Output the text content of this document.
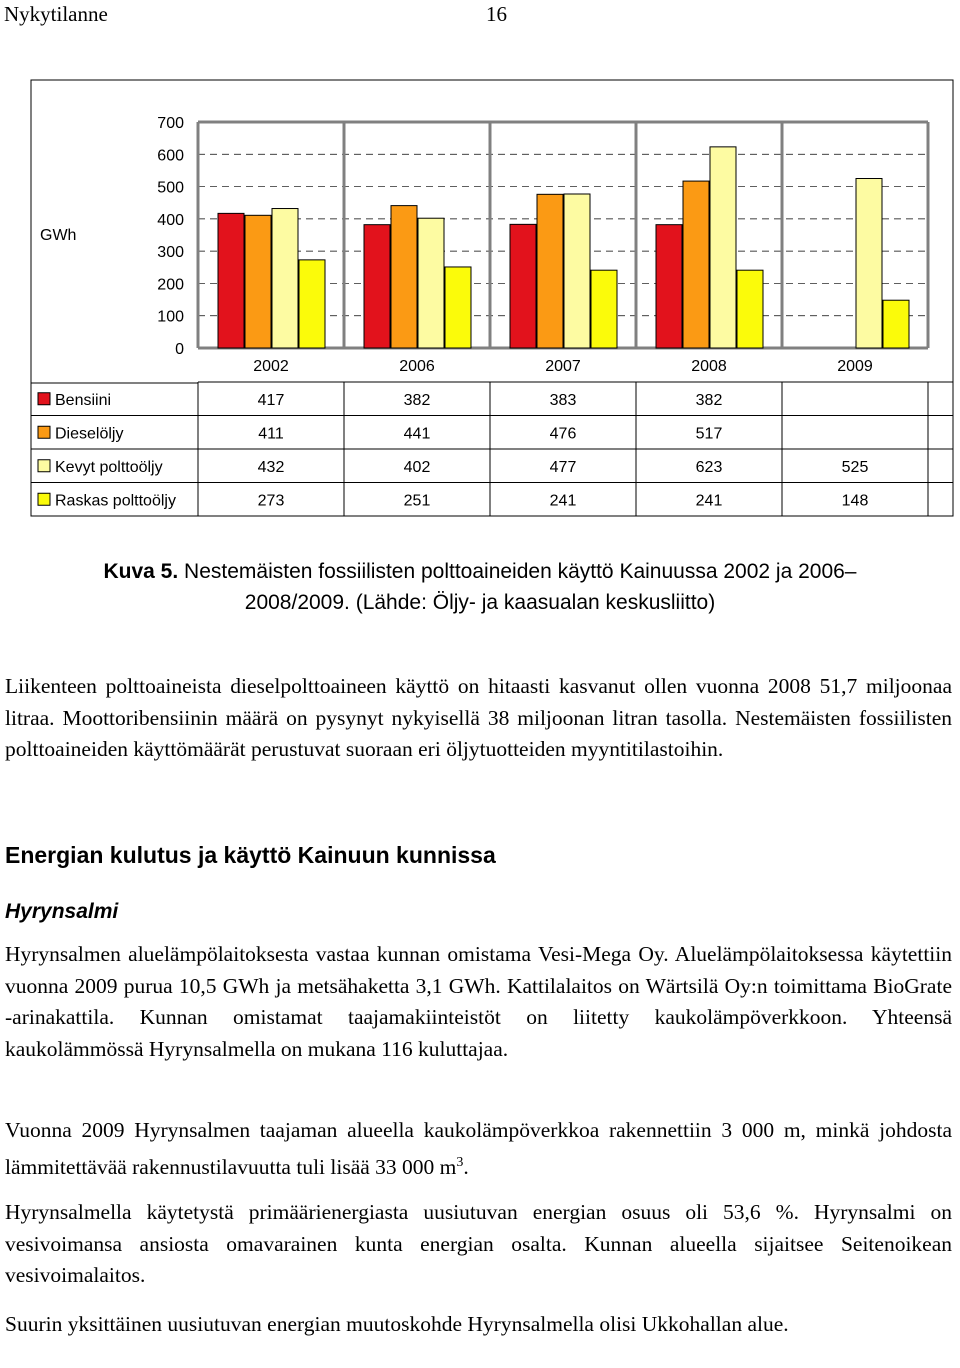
Nykytilanne	16
0
100
200
300
400
500
600
700
GWh
2002	2006	2007	2008	2009
Bensiini	417	382	383	382
Dieselöljy	411	441	476	517
Kevyt polttoöljy	432	402	477	623	525
Raskas polttoöljy	273	251	241	241	148
Kuva 5. Nestemäisten fossiilisten polttoaineiden käyttö Kainuussa 2002 ja 2006–
2008/2009. (Lähde: Öljy- ja kaasualan keskusliitto)
Liikenteen polttoaineista dieselpolttoaineen käyttö on hitaasti kasvanut ollen vuonna 2008 51,7 miljoonaa litraa. Moottoribensiinin määrä on pysynyt nykyisellä 38 miljoonan litran tasolla. Nestemäisten fossiilisten polttoaineiden käyttömäärät perustuvat suoraan eri öljytuotteiden myyntitilastoihin.
Energian kulutus ja käyttö Kainuun kunnissa
Hyrynsalmi
Hyrynsalmen aluelämpölaitoksesta vastaa kunnan omistama Vesi-Mega Oy. Aluelämpölaitoksessa käytettiin vuonna 2009 purua 10,5 GWh ja metsähaketta 3,1 GWh. Kattilalaitos on Wärtsilä Oy:n toimittama BioGrate -arinakattila. Kunnan omistamat taajamakiinteistöt on liitetty kaukolämpöverkkoon. Yhteensä kaukolämmössä Hyrynsalmella on mukana 116 kuluttajaa.
Vuonna 2009 Hyrynsalmen taajaman alueella kaukolämpöverkkoa rakennettiin 3 000 m, minkä johdosta lämmitettävää rakennustilavuutta tuli lisää 33 000 $m^3$.
Hyrynsalmella käytetystä primäärienergiasta uusiutuvan energian osuus oli 53,6 %. Hyrynsalmi on vesivoimansa ansiosta omavarainen kunta energian osalta. Kunnan alueella sijaitsee Seitenoikean vesivoimalaitos.
Suurin yksittäinen uusiutuvan energian muutoskohde Hyrynsalmella olisi Ukkohallan alue.
